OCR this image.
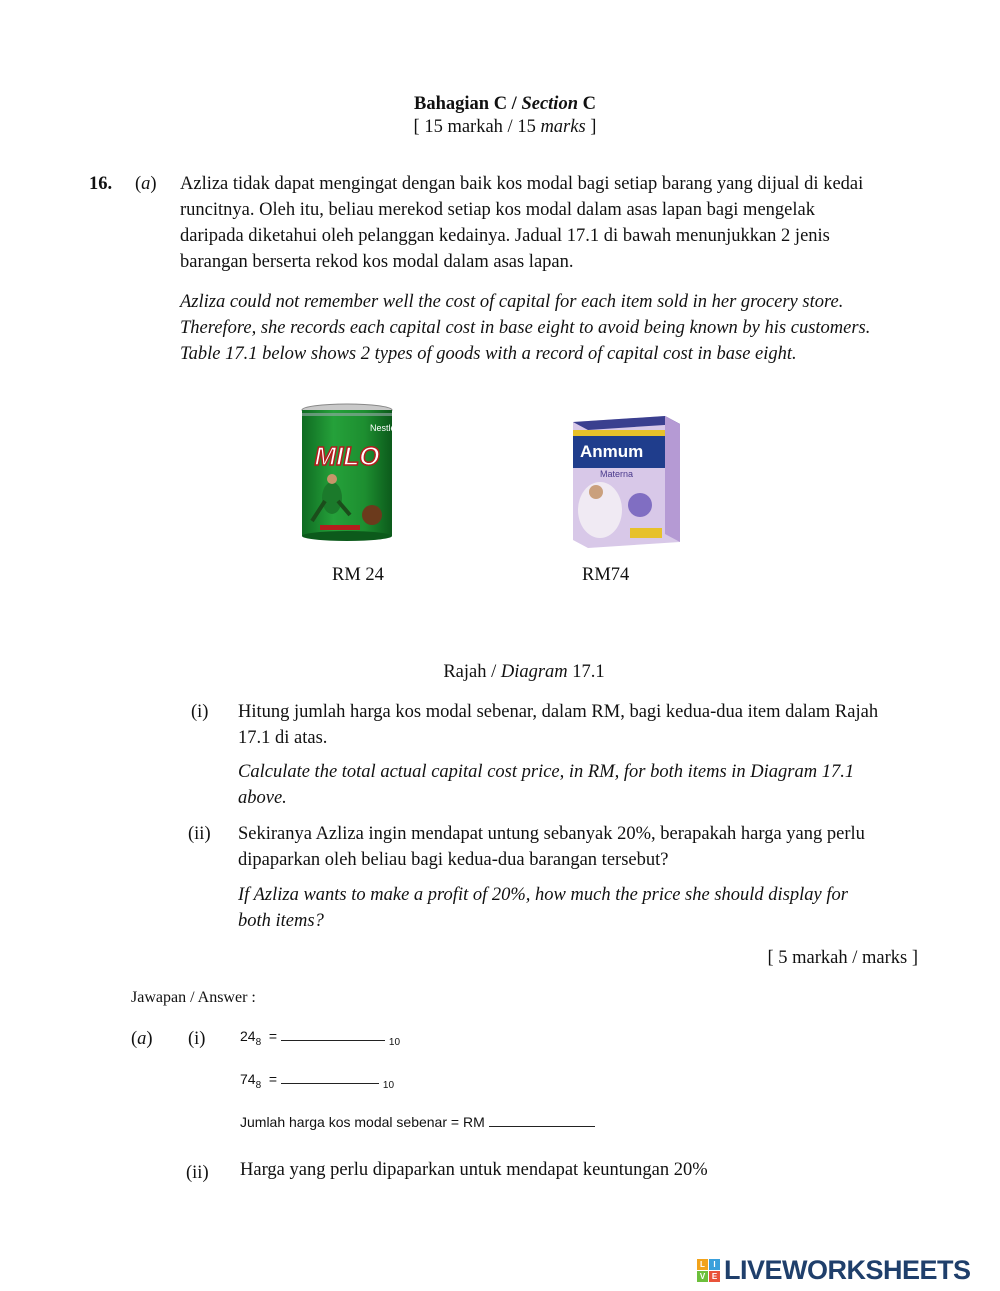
Bahagian C / Section C
[ 15 markah / 15 marks ]
16. (a) Azliza tidak dapat mengingat dengan baik kos modal bagi setiap barang yang dijual di kedai
runcitnya. Oleh itu, beliau merekod setiap kos modal dalam asas lapan bagi mengelak
daripada diketahui oleh pelanggan kedainya. Jadual 17.1 di bawah menunjukkan 2 jenis
barangan berserta rekod kos modal dalam asas lapan.
Azliza could not remember well the cost of capital for each item sold in her grocery store.
Therefore, she records each capital cost in base eight to avoid being known by his customers.
Table 17.1 below shows 2 types of goods with a record of capital cost in base eight.
Nestle
MILO	Anmum
Materna
RM 24	RM74
Rajah / Diagram 17.1
(i) Hitung jumlah harga kos modal sebenar, dalam RM, bagi kedua-dua item dalam Rajah
17.1 di atas.
Calculate the total actual capital cost price, in RM, for both items in Diagram 17.1
above.
(ii) Sekiranya Azliza ingin mendapat untung sebanyak 20%, berapakah harga yang perlu
dipaparkan oleh beliau bagi kedua-dua barangan tersebut?
If Azliza wants to make a profit of 20%, how much the price she should display for
both items?
[ 5 markah / marks ]
Jawapan / Answer :
(a) (i) $24_8$ =	$_{10}$
$74_8$ =	$_{10}$
Jumlah harga kos modal sebenar = RM
(ii) Harga yang perlu dipaparkan untuk mendapat keuntungan 20%
L	I
V E LIVEWORKSHEETS
